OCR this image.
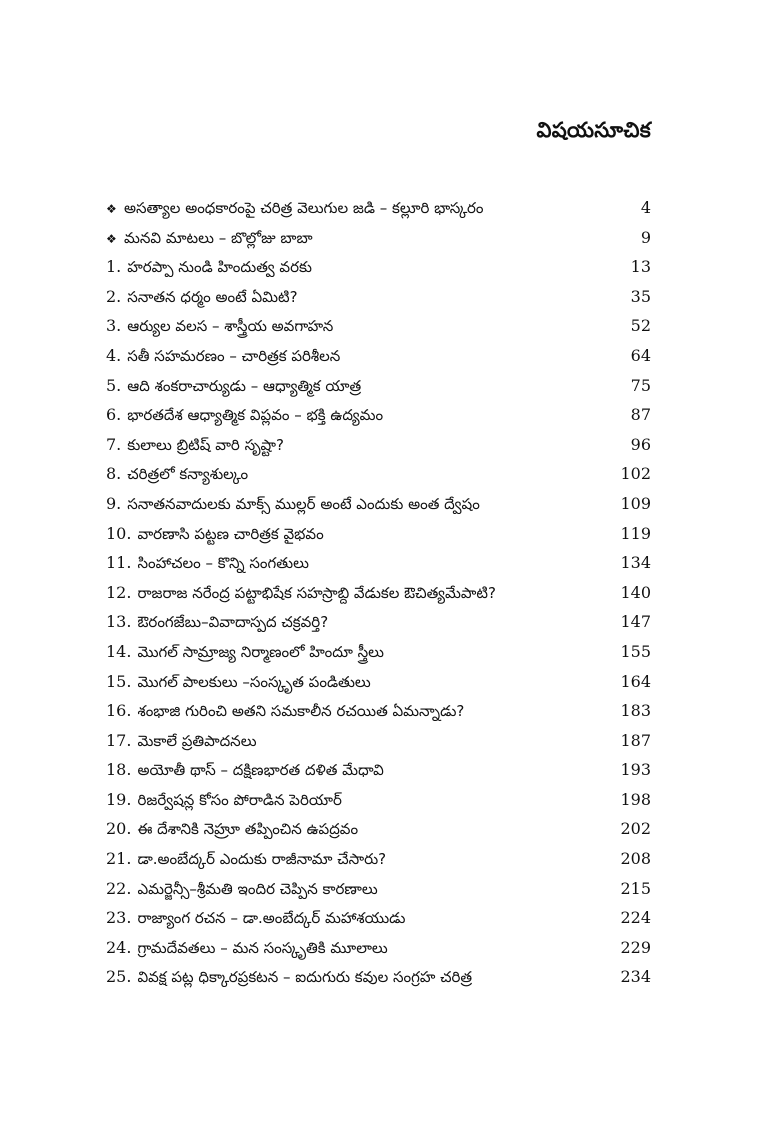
విషయసూచిక
❖ అసత్యాల అంధకారంపై చరిత్ర వెలుగుల జడి – కల్లూరి భాస్కరం	4
❖ మనవి మాటలు – బొల్లోజు బాబా	9
1. హరప్పా నుండి హిందుత్వ వరకు	13
2. సనాతన ధర్మం అంటే ఏమిటి?	35
3. ఆర్యుల వలస – శాస్త్రీయ అవగాహన	52
4. సతీ సహమరణం – చారిత్రక పరిశీలన	64
5. ఆది శంకరాచార్యుడు – ఆధ్యాత్మిక యాత్ర	75
6. భారతదేశ ఆధ్యాత్మిక విప్లవం – భక్తి ఉద్యమం	87
7. కులాలు బ్రిటిష్ వారి సృష్టా?	96
8. చరిత్రలో కన్యాశుల్కం	102
9. సనాతనవాదులకు మాక్స్ ముల్లర్ అంటే ఎందుకు అంత ద్వేషం	109
10. వారణాసి పట్టణ చారిత్రక వైభవం	119
11. సింహాచలం – కొన్ని సంగతులు	134
12. రాజరాజ నరేంద్ర పట్టాభిషేక సహస్రాబ్ది వేడుకల ఔచిత్యమేపాటి?	140
13. ఔరంగజేబు–వివాదాస్పద చక్రవర్తి?	147
14. మొగల్ సామ్రాజ్య నిర్మాణంలో హిందూ స్త్రీలు	155
15. మొగల్ పాలకులు –సంస్కృత పండితులు	164
16. శంభాజి గురించి అతని సమకాలీన రచయిత ఏమన్నాడు?	183
17. మెకాలే ప్రతిపాదనలు	187
18. అయోతీ థాస్ – దక్షిణభారత దళిత మేధావి	193
19. రిజర్వేషన్ల కోసం పోరాడిన పెరియార్	198
20. ఈ దేశానికి నెహ్రూ తప్పించిన ఉపద్రవం	202
21. డా.అంబేద్కర్ ఎందుకు రాజీనామా చేసారు?	208
22. ఎమర్జెన్సీ–శ్రీమతి ఇందిర చెప్పిన కారణాలు	215
23. రాజ్యాంగ రచన – డా.అంబేద్కర్ మహాశయుడు	224
24. గ్రామదేవతలు – మన సంస్కృతికి మూలాలు	229
25. వివక్ష పట్ల ధిక్కారప్రకటన – ఐదుగురు కవుల సంగ్రహ చరిత్ర	234
